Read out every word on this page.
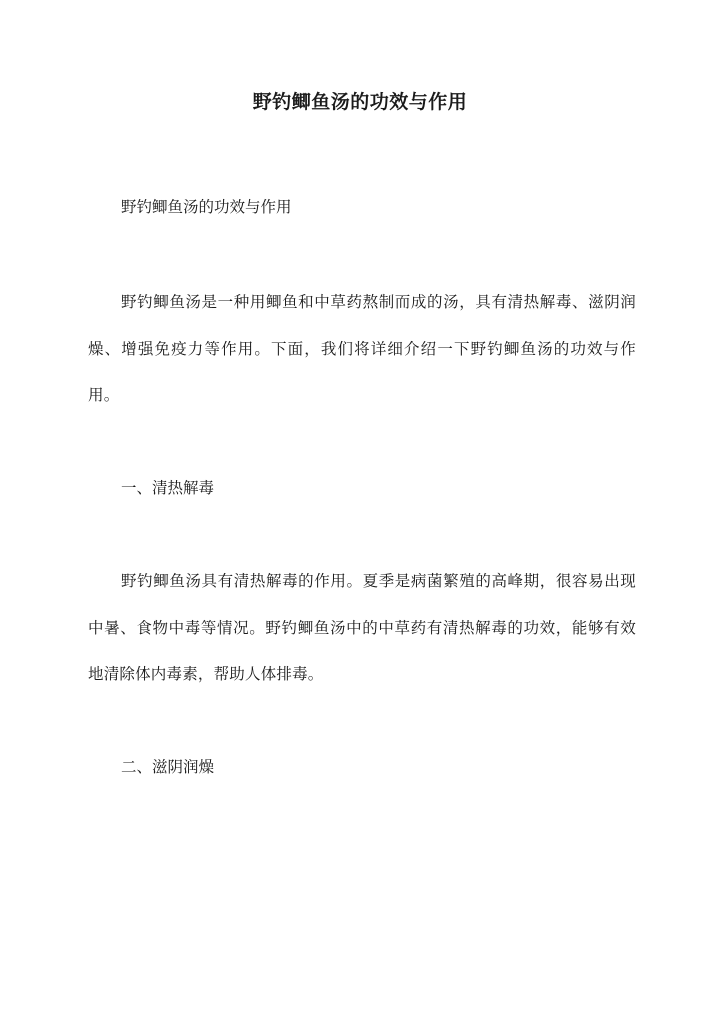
野钓鲫鱼汤的功效与作用
野钓鲫鱼汤的功效与作用
野钓鲫鱼汤是一种用鲫鱼和中草药熬制而成的汤，具有清热解毒、滋阴润燥、增强免疫力等作用。下面，我们将详细介绍一下野钓鲫鱼汤的功效与作用。
一、清热解毒
野钓鲫鱼汤具有清热解毒的作用。夏季是病菌繁殖的高峰期，很容易出现中暑、食物中毒等情况。野钓鲫鱼汤中的中草药有清热解毒的功效，能够有效地清除体内毒素，帮助人体排毒。
二、滋阴润燥
